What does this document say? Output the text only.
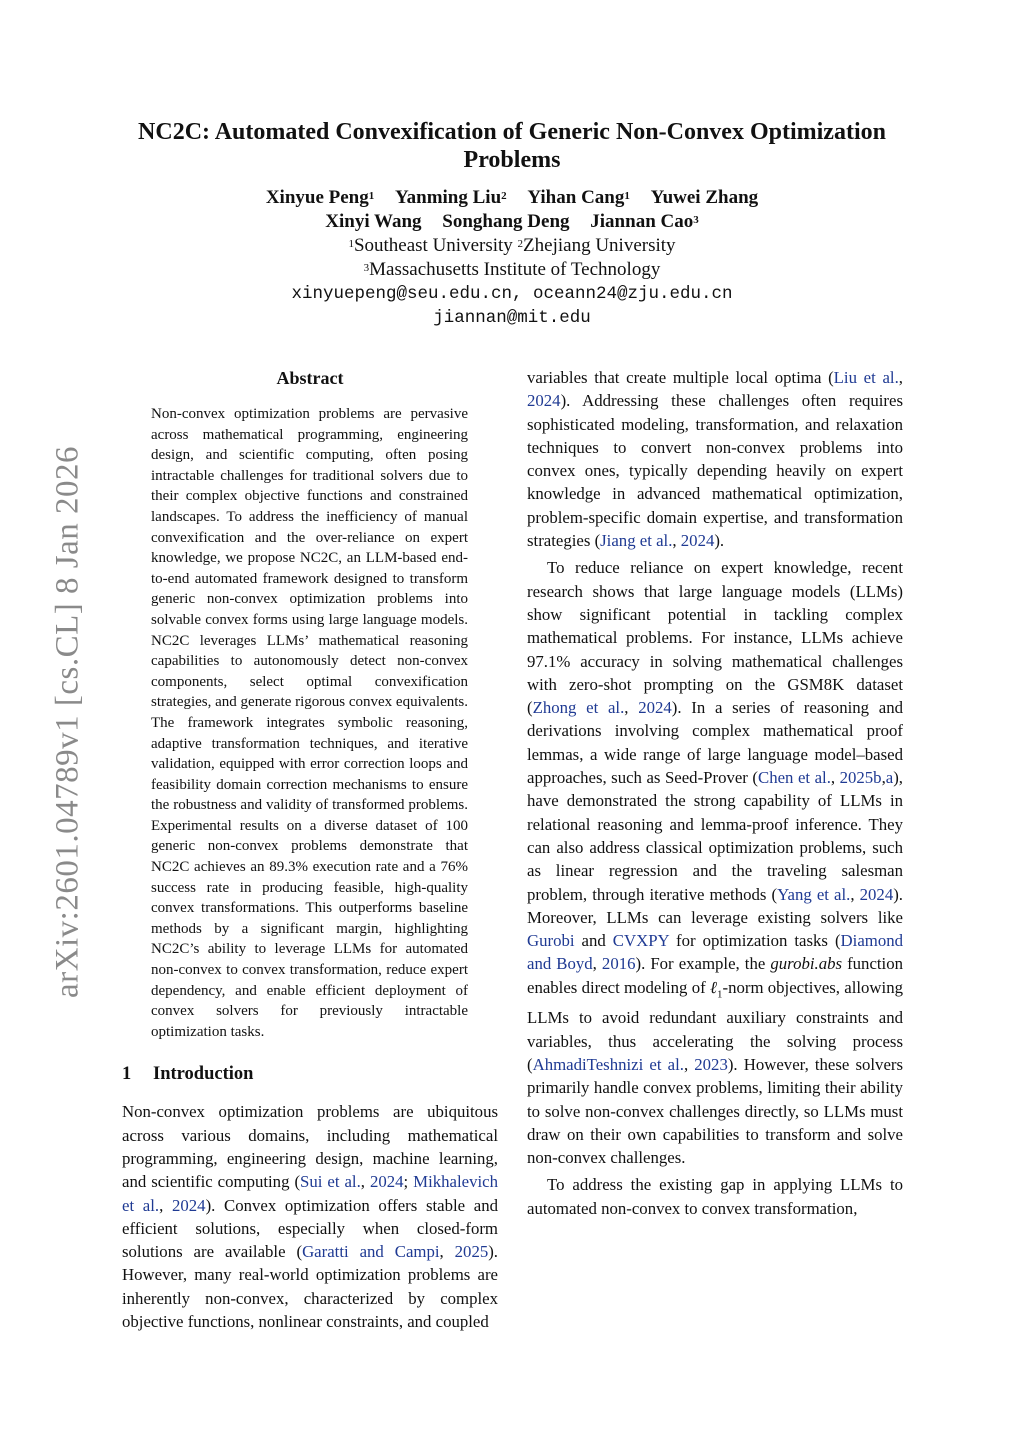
arXiv:2601.04789v1 [cs.CL] 8 Jan 2026
NC2C: Automated Convexification of Generic Non-Convex Optimization
Problems
Xinyue Peng$^1$ Yanming Liu$^2$ Yihan Cang$^1$ Yuwei Zhang
Xinyi Wang Songhang Deng Jiannan Cao$^3$
$^1$Southeast University $^2$Zhejiang University
$^3$Massachusetts Institute of Technology
xinyuepeng@seu.edu.cn, oceann24@zju.edu.cn
jiannan@mit.edu
Abstract

Non-convex optimization problems are pervasive across mathematical programming, engineering design, and scientific computing, often posing intractable challenges for traditional solvers due to their complex objective functions and constrained landscapes. To address the inefficiency of manual convexification and the over-reliance on expert knowledge, we propose NC2C, an LLM-based end-to-end automated framework designed to transform generic non-convex optimization problems into solvable convex forms using large language models. NC2C leverages LLMs’ mathematical reasoning capabilities to autonomously detect non-convex components, select optimal convexification strategies, and generate rigorous convex equivalents. The framework integrates symbolic reasoning, adaptive transformation techniques, and iterative validation, equipped with error correction loops and feasibility domain correction mechanisms to ensure the robustness and validity of transformed problems. Experimental results on a diverse dataset of 100 generic non-convex problems demonstrate that NC2C achieves an 89.3% execution rate and a 76% success rate in producing feasible, high-quality convex transformations. This outperforms baseline methods by a significant margin, highlighting NC2C’s ability to leverage LLMs for automated non-convex to convex transformation, reduce expert dependency, and enable efficient deployment of convex solvers for previously intractable optimization tasks.

1 Introduction

Non-convex optimization problems are ubiquitous across various domains, including mathematical programming, engineering design, machine learning, and scientific computing (Sui et al., 2024; Mikhalevich et al., 2024). Convex optimization offers stable and efficient solutions, especially when closed-form solutions are available (Garatti and Campi, 2025). However, many real-world optimization problems are inherently non-convex, characterized by complex objective functions, nonlinear constraints, and coupled

variables that create multiple local optima (Liu et al., 2024). Addressing these challenges often requires sophisticated modeling, transformation, and relaxation techniques to convert non-convex problems into convex ones, typically depending heavily on expert knowledge in advanced mathematical optimization, problem-specific domain expertise, and transformation strategies (Jiang et al., 2024).

To reduce reliance on expert knowledge, recent research shows that large language models (LLMs) show significant potential in tackling complex mathematical problems. For instance, LLMs achieve 97.1% accuracy in solving mathematical challenges with zero-shot prompting on the GSM8K dataset (Zhong et al., 2024). In a series of reasoning and derivations involving complex mathematical proof lemmas, a wide range of large language model–based approaches, such as Seed-Prover (Chen et al., 2025b,a), have demonstrated the strong capability of LLMs in relational reasoning and lemma-proof inference. They can also address classical optimization problems, such as linear regression and the traveling salesman problem, through iterative methods (Yang et al., 2024). Moreover, LLMs can leverage existing solvers like Gurobi and CVXPY for optimization tasks (Diamond and Boyd, 2016). For example, the gurobi.abs function enables direct modeling of ℓ$_1$-norm objectives, allowing LLMs to avoid redundant auxiliary constraints and variables, thus accelerating the solving process (AhmadiTeshnizi et al., 2023). However, these solvers primarily handle convex problems, limiting their ability to solve non-convex challenges directly, so LLMs must draw on their own capabilities to transform and solve non-convex challenges.

To address the existing gap in applying LLMs to automated non-convex to convex transformation,
